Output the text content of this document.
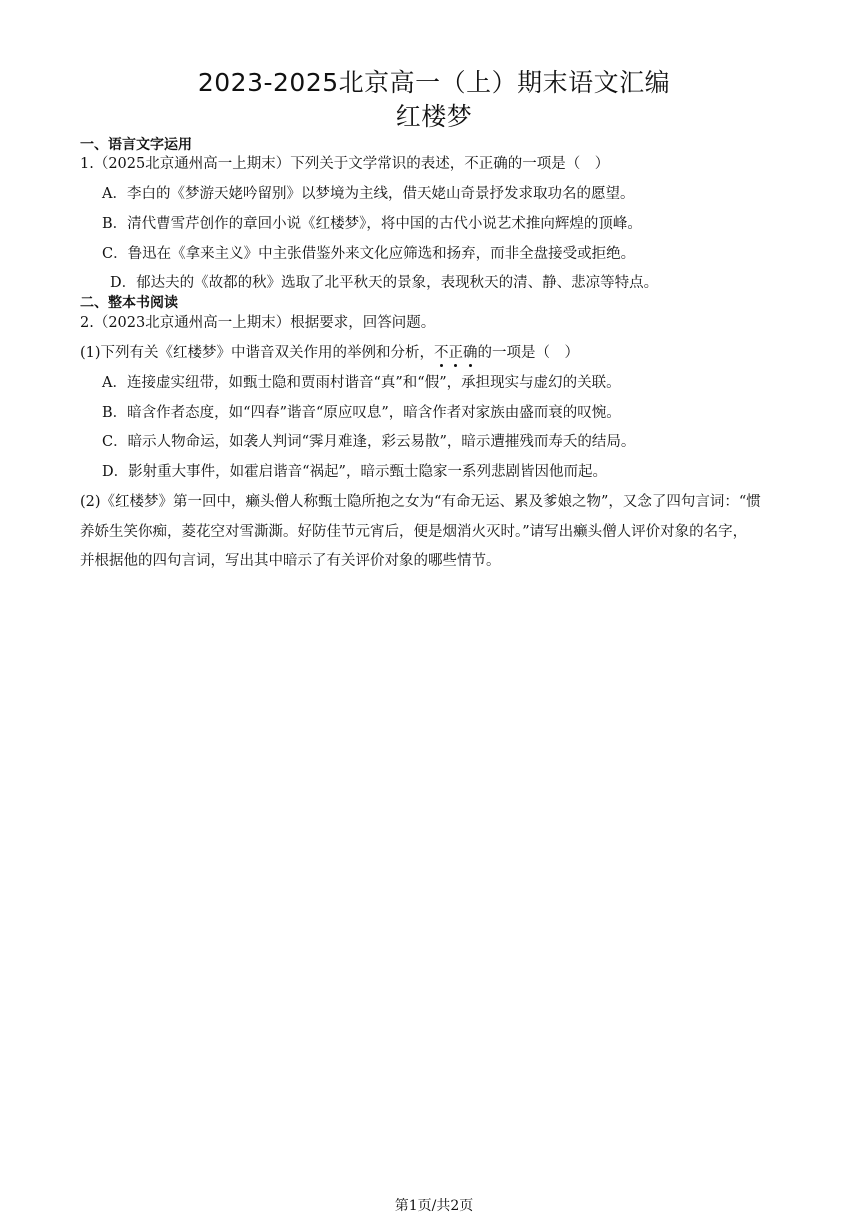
2023-2025北京高一（上）期末语文汇编
红楼梦
一、语言文字运用
1.（2025北京通州高一上期末）下列关于文学常识的表述，不正确的一项是（　）
A．李白的《梦游天姥吟留别》以梦境为主线，借天姥山奇景抒发求取功名的愿望。
B．清代曹雪芹创作的章回小说《红楼梦》，将中国的古代小说艺术推向辉煌的顶峰。
C．鲁迅在《拿来主义》中主张借鉴外来文化应筛选和扬弃，而非全盘接受或拒绝。
D．郁达夫的《故都的秋》选取了北平秋天的景象，表现秋天的清、静、悲凉等特点。
二、整本书阅读
2.（2023北京通州高一上期末）根据要求，回答问题。
(1)下列有关《红楼梦》中谐音双关作用的举例和分析，不正确的一项是（　）
A．连接虚实纽带，如甄士隐和贾雨村谐音“真”和“假”，承担现实与虚幻的关联。
B．暗含作者态度，如“四春”谐音“原应叹息”，暗含作者对家族由盛而衰的叹惋。
C．暗示人物命运，如袭人判词“霁月难逢，彩云易散”，暗示遭摧残而寿夭的结局。
D．影射重大事件，如霍启谐音“祸起”，暗示甄士隐家一系列悲剧皆因他而起。
(2)《红楼梦》第一回中，癞头僧人称甄士隐所抱之女为“有命无运、累及爹娘之物”，又念了四句言词：“惯
养娇生笑你痴，菱花空对雪澌澌。好防佳节元宵后，便是烟消火灭时。”请写出癞头僧人评价对象的名字，
并根据他的四句言词，写出其中暗示了有关评价对象的哪些情节。
第1页/共2页
